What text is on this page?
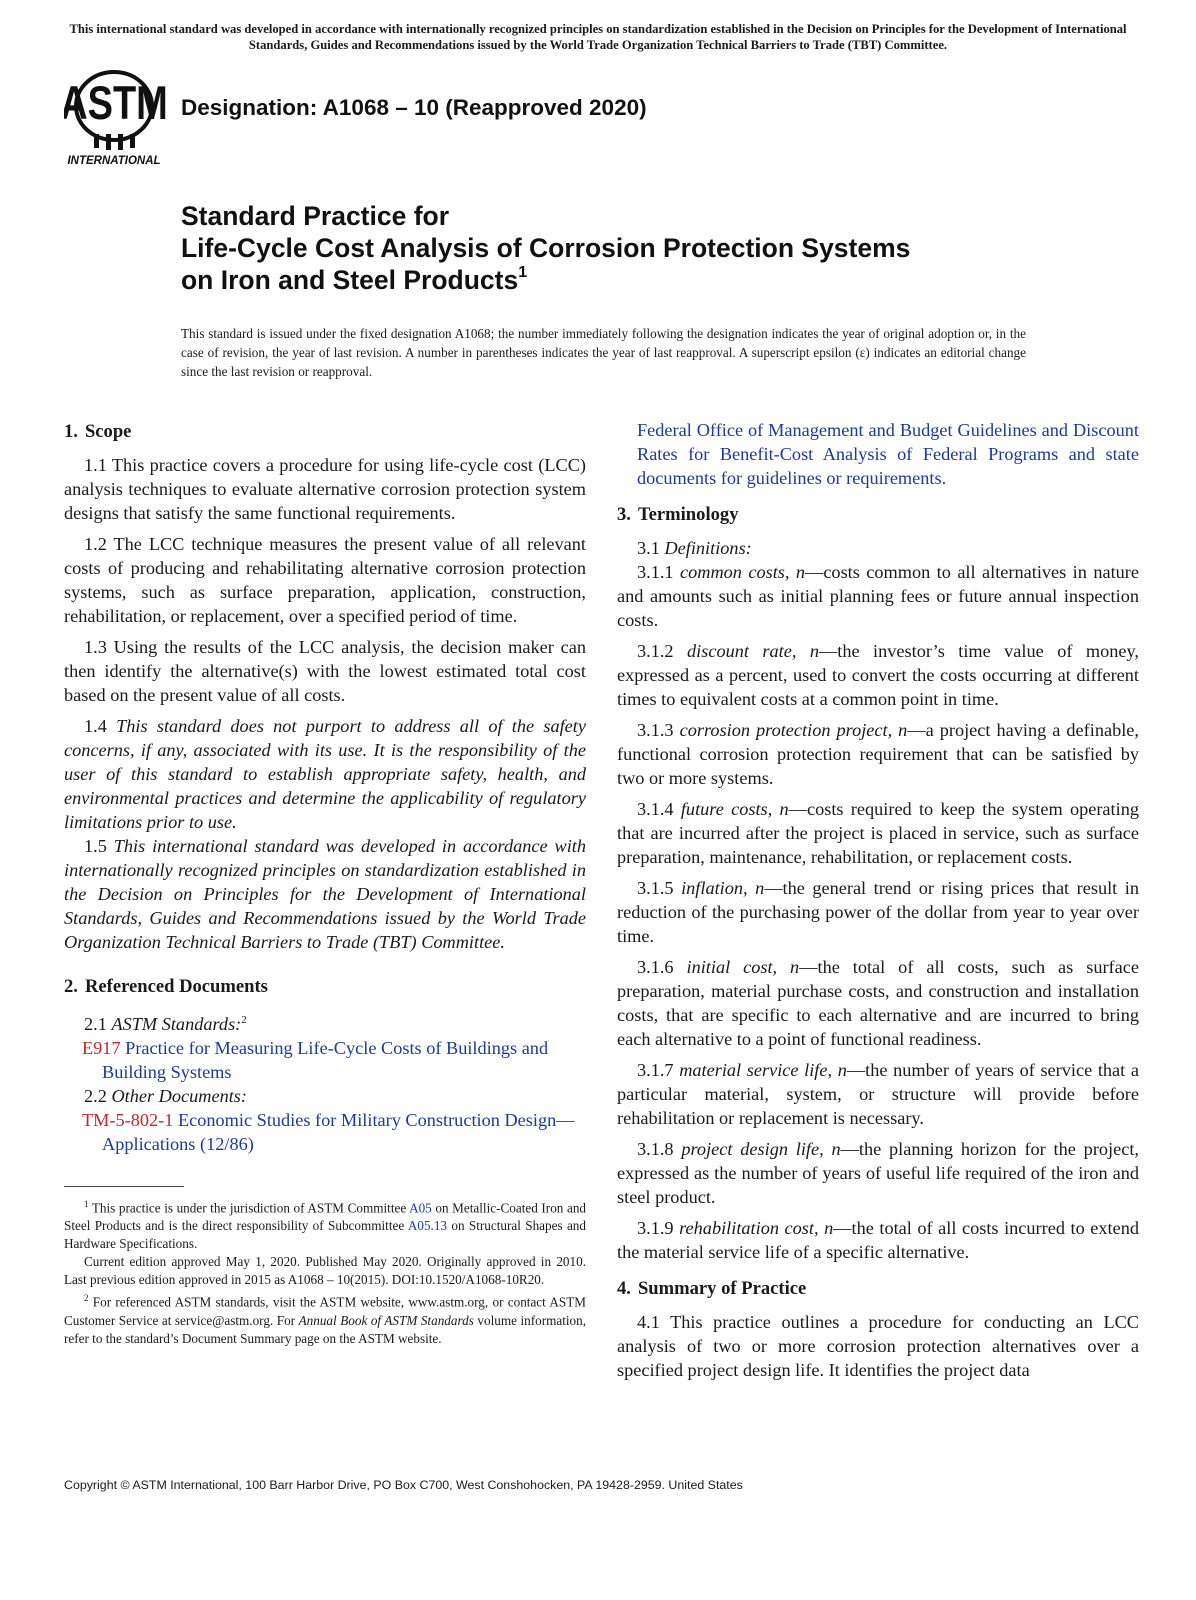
This international standard was developed in accordance with internationally recognized principles on standardization established in the Decision on Principles for the Development of International Standards, Guides and Recommendations issued by the World Trade Organization Technical Barriers to Trade (TBT) Committee.
ASTM
INTERNATIONAL
Designation: A1068 – 10 (Reapproved 2020)
Standard Practice for
Life-Cycle Cost Analysis of Corrosion Protection Systems
on Iron and Steel Products$^1$
This standard is issued under the fixed designation A1068; the number immediately following the designation indicates the year of original adoption or, in the case of revision, the year of last revision. A number in parentheses indicates the year of last reapproval. A superscript epsilon (ε) indicates an editorial change since the last revision or reapproval.
1. Scope

1.1 This practice covers a procedure for using life-cycle cost (LCC) analysis techniques to evaluate alternative corrosion protection system designs that satisfy the same functional requirements.

1.2 The LCC technique measures the present value of all relevant costs of producing and rehabilitating alternative corrosion protection systems, such as surface preparation, application, construction, rehabilitation, or replacement, over a specified period of time.

1.3 Using the results of the LCC analysis, the decision maker can then identify the alternative(s) with the lowest estimated total cost based on the present value of all costs.

1.4 This standard does not purport to address all of the safety concerns, if any, associated with its use. It is the responsibility of the user of this standard to establish appropriate safety, health, and environmental practices and determine the applicability of regulatory limitations prior to use.

1.5 This international standard was developed in accordance with internationally recognized principles on standardization established in the Decision on Principles for the Development of International Standards, Guides and Recommendations issued by the World Trade Organization Technical Barriers to Trade (TBT) Committee.

2. Referenced Documents
2.1 ASTM Standards:$^2$
E917 Practice for Measuring Life-Cycle Costs of Buildings and Building Systems
2.2 Other Documents:
TM-5-802-1 Economic Studies for Military Construction Design—Applications (12/86)

$^1$ This practice is under the jurisdiction of ASTM Committee A05 on Metallic-Coated Iron and Steel Products and is the direct responsibility of Subcommittee A05.13 on Structural Shapes and Hardware Specifications.

Current edition approved May 1, 2020. Published May 2020. Originally approved in 2010. Last previous edition approved in 2015 as A1068 – 10(2015). DOI:10.1520/A1068-10R20.

$^2$ For referenced ASTM standards, visit the ASTM website, www.astm.org, or contact ASTM Customer Service at service@astm.org. For Annual Book of ASTM Standards volume information, refer to the standard’s Document Summary page on the ASTM website.

Federal Office of Management and Budget Guidelines and Discount Rates for Benefit-Cost Analysis of Federal Programs and state documents for guidelines or requirements.

3. Terminology
3.1 Definitions:

3.1.1 common costs, n—costs common to all alternatives in nature and amounts such as initial planning fees or future annual inspection costs.

3.1.2 discount rate, n—the investor’s time value of money, expressed as a percent, used to convert the costs occurring at different times to equivalent costs at a common point in time.

3.1.3 corrosion protection project, n—a project having a definable, functional corrosion protection requirement that can be satisfied by two or more systems.

3.1.4 future costs, n—costs required to keep the system operating that are incurred after the project is placed in service, such as surface preparation, maintenance, rehabilitation, or replacement costs.

3.1.5 inflation, n—the general trend or rising prices that result in reduction of the purchasing power of the dollar from year to year over time.

3.1.6 initial cost, n—the total of all costs, such as surface preparation, material purchase costs, and construction and installation costs, that are specific to each alternative and are incurred to bring each alternative to a point of functional readiness.

3.1.7 material service life, n—the number of years of service that a particular material, system, or structure will provide before rehabilitation or replacement is necessary.

3.1.8 project design life, n—the planning horizon for the project, expressed as the number of years of useful life required of the iron and steel product.

3.1.9 rehabilitation cost, n—the total of all costs incurred to extend the material service life of a specific alternative.

4. Summary of Practice

4.1 This practice outlines a procedure for conducting an LCC analysis of two or more corrosion protection alternatives over a specified project design life. It identifies the project data

Copyright © ASTM International, 100 Barr Harbor Drive, PO Box C700, West Conshohocken, PA 19428-2959. United States
